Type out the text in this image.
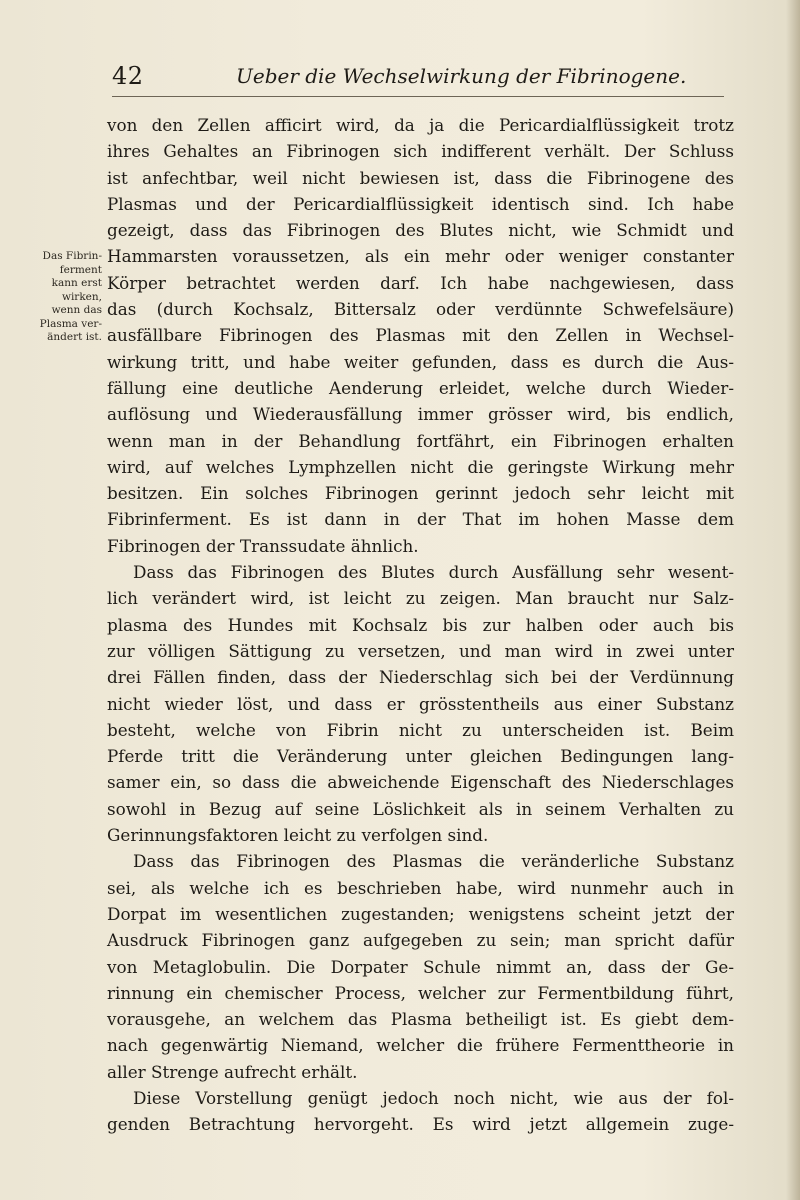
42	Ueber die Wechselwirkung der Fibrinogene.
Das Fibrin-
ferment
kann erst
wirken,
wenn das
Plasma ver-
ändert ist.
von den Zellen afficirt wird, da ja die Pericardialflüssigkeit trotz
ihres Gehaltes an Fibrinogen sich indifferent verhält. Der Schluss
ist anfechtbar, weil nicht bewiesen ist, dass die Fibrinogene des
Plasmas und der Pericardialflüssigkeit identisch sind. Ich habe
gezeigt, dass das Fibrinogen des Blutes nicht, wie Schmidt und
Hammarsten voraussetzen, als ein mehr oder weniger constanter
Körper betrachtet werden darf. Ich habe nachgewiesen, dass
das (durch Kochsalz, Bittersalz oder verdünnte Schwefelsäure)
ausfällbare Fibrinogen des Plasmas mit den Zellen in Wechsel-
wirkung tritt, und habe weiter gefunden, dass es durch die Aus-
fällung eine deutliche Aenderung erleidet, welche durch Wieder-
auflösung und Wiederausfällung immer grösser wird, bis endlich,
wenn man in der Behandlung fortfährt, ein Fibrinogen erhalten
wird, auf welches Lymphzellen nicht die geringste Wirkung mehr
besitzen. Ein solches Fibrinogen gerinnt jedoch sehr leicht mit
Fibrinferment. Es ist dann in der That im hohen Masse dem
Fibrinogen der Transsudate ähnlich.
Dass das Fibrinogen des Blutes durch Ausfällung sehr wesent-
lich verändert wird, ist leicht zu zeigen. Man braucht nur Salz-
plasma des Hundes mit Kochsalz bis zur halben oder auch bis
zur völligen Sättigung zu versetzen, und man wird in zwei unter
drei Fällen finden, dass der Niederschlag sich bei der Verdünnung
nicht wieder löst, und dass er grösstentheils aus einer Substanz
besteht, welche von Fibrin nicht zu unterscheiden ist. Beim
Pferde tritt die Veränderung unter gleichen Bedingungen lang-
samer ein, so dass die abweichende Eigenschaft des Niederschlages
sowohl in Bezug auf seine Löslichkeit als in seinem Verhalten zu
Gerinnungsfaktoren leicht zu verfolgen sind.
Dass das Fibrinogen des Plasmas die veränderliche Substanz
sei, als welche ich es beschrieben habe, wird nunmehr auch in
Dorpat im wesentlichen zugestanden; wenigstens scheint jetzt der
Ausdruck Fibrinogen ganz aufgegeben zu sein; man spricht dafür
von Metaglobulin. Die Dorpater Schule nimmt an, dass der Ge-
rinnung ein chemischer Process, welcher zur Fermentbildung führt,
vorausgehe, an welchem das Plasma betheiligt ist. Es giebt dem-
nach gegenwärtig Niemand, welcher die frühere Fermenttheorie in
aller Strenge aufrecht erhält.
Diese Vorstellung genügt jedoch noch nicht, wie aus der fol-
genden Betrachtung hervorgeht. Es wird jetzt allgemein zuge-
